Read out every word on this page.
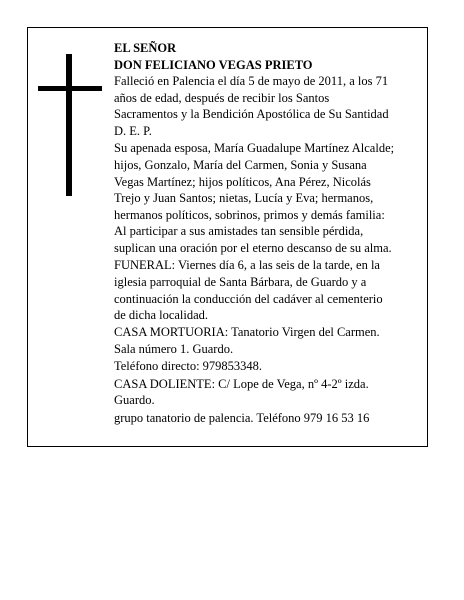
EL SEÑOR
DON FELICIANO VEGAS PRIETO
Falleció en Palencia el día 5 de mayo de 2011, a los 71
años de edad, después de recibir los Santos
Sacramentos y la Bendición Apostólica de Su Santidad
D. E. P.
Su apenada esposa, María Guadalupe Martínez Alcalde;
hijos, Gonzalo, María del Carmen, Sonia y Susana
Vegas Martínez; hijos políticos, Ana Pérez, Nicolás
Trejo y Juan Santos; nietas, Lucía y Eva; hermanos,
hermanos políticos, sobrinos, primos y demás familia:
Al participar a sus amistades tan sensible pérdida,
suplican una oración por el eterno descanso de su alma.
FUNERAL: Viernes día 6, a las seis de la tarde, en la
iglesia parroquial de Santa Bárbara, de Guardo y a
continuación la conducción del cadáver al cementerio
de dicha localidad.
CASA MORTUORIA: Tanatorio Virgen del Carmen.
Sala número 1. Guardo.
Teléfono directo: 979853348.
CASA DOLIENTE: C/ Lope de Vega, nº 4-2º izda.
Guardo.
grupo tanatorio de palencia. Teléfono 979 16 53 16
